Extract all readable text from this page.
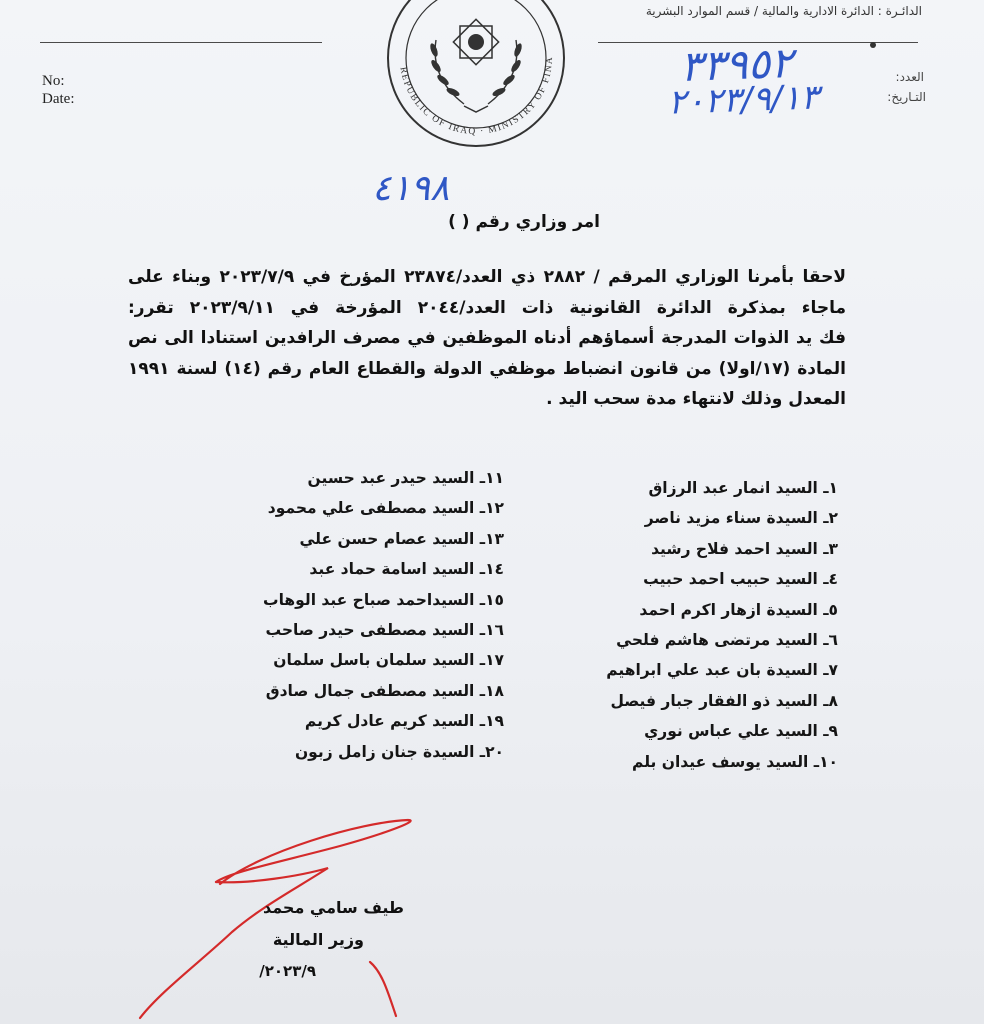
الدائـرة : الدائرة الادارية والمالية / قسم الموارد البشرية
No:
Date:
العدد:
التـاريخ:
٣٣٩٥٢
٢٠٢٣/٩/١٣
REPUBLIC OF IRAQ · MINISTRY OF FINA
٤١٩٨
امر وزاري رقم ( )

لاحقا بأمرنا الوزاري المرقم / ٢٨٨٢ ذي العدد/٢٣٨٧٤ المؤرخ في ٢٠٢٣/٧/٩ وبناء على

ماجاء بمذكرة الدائرة القانونية ذات العدد/٢٠٤٤ المؤرخة في ٢٠٢٣/٩/١١ تقرر:

فك يد الذوات المدرجة أسماؤهم أدناه الموظفين في مصرف الرافدين استنادا الى نص

المادة (١٧/اولا) من قانون انضباط موظفي الدولة والقطاع العام رقم (١٤) لسنة ١٩٩١

المعدل وذلك لانتهاء مدة سحب اليد .

١ـ السيد انمار عبد الرزاق
٢ـ السيدة سناء مزيد ناصر
٣ـ السيد احمد فلاح رشيد
٤ـ السيد حبيب احمد حبيب
٥ـ السيدة ازهار اكرم احمد
٦ـ السيد مرتضى هاشم فلحي
٧ـ السيدة بان عبد علي ابراهيم
٨ـ السيد ذو الفقار جبار فيصل
٩ـ السيد علي عباس نوري
١٠ـ السيد يوسف عيدان بلم
١١ـ السيد حيدر عبد حسين
١٢ـ السيد مصطفى علي محمود
١٣ـ السيد عصام حسن علي
١٤ـ السيد اسامة حماد عبد
١٥ـ السيداحمد صباح عبد الوهاب
١٦ـ السيد مصطفى حيدر صاحب
١٧ـ السيد سلمان باسل سلمان
١٨ـ السيد مصطفى جمال صادق
١٩ـ السيد كريم عادل كريم
٢٠ـ السيدة جنان زامل زبون
طيف سامي محمد
وزير المالية
٢٠٢٣/٩/
